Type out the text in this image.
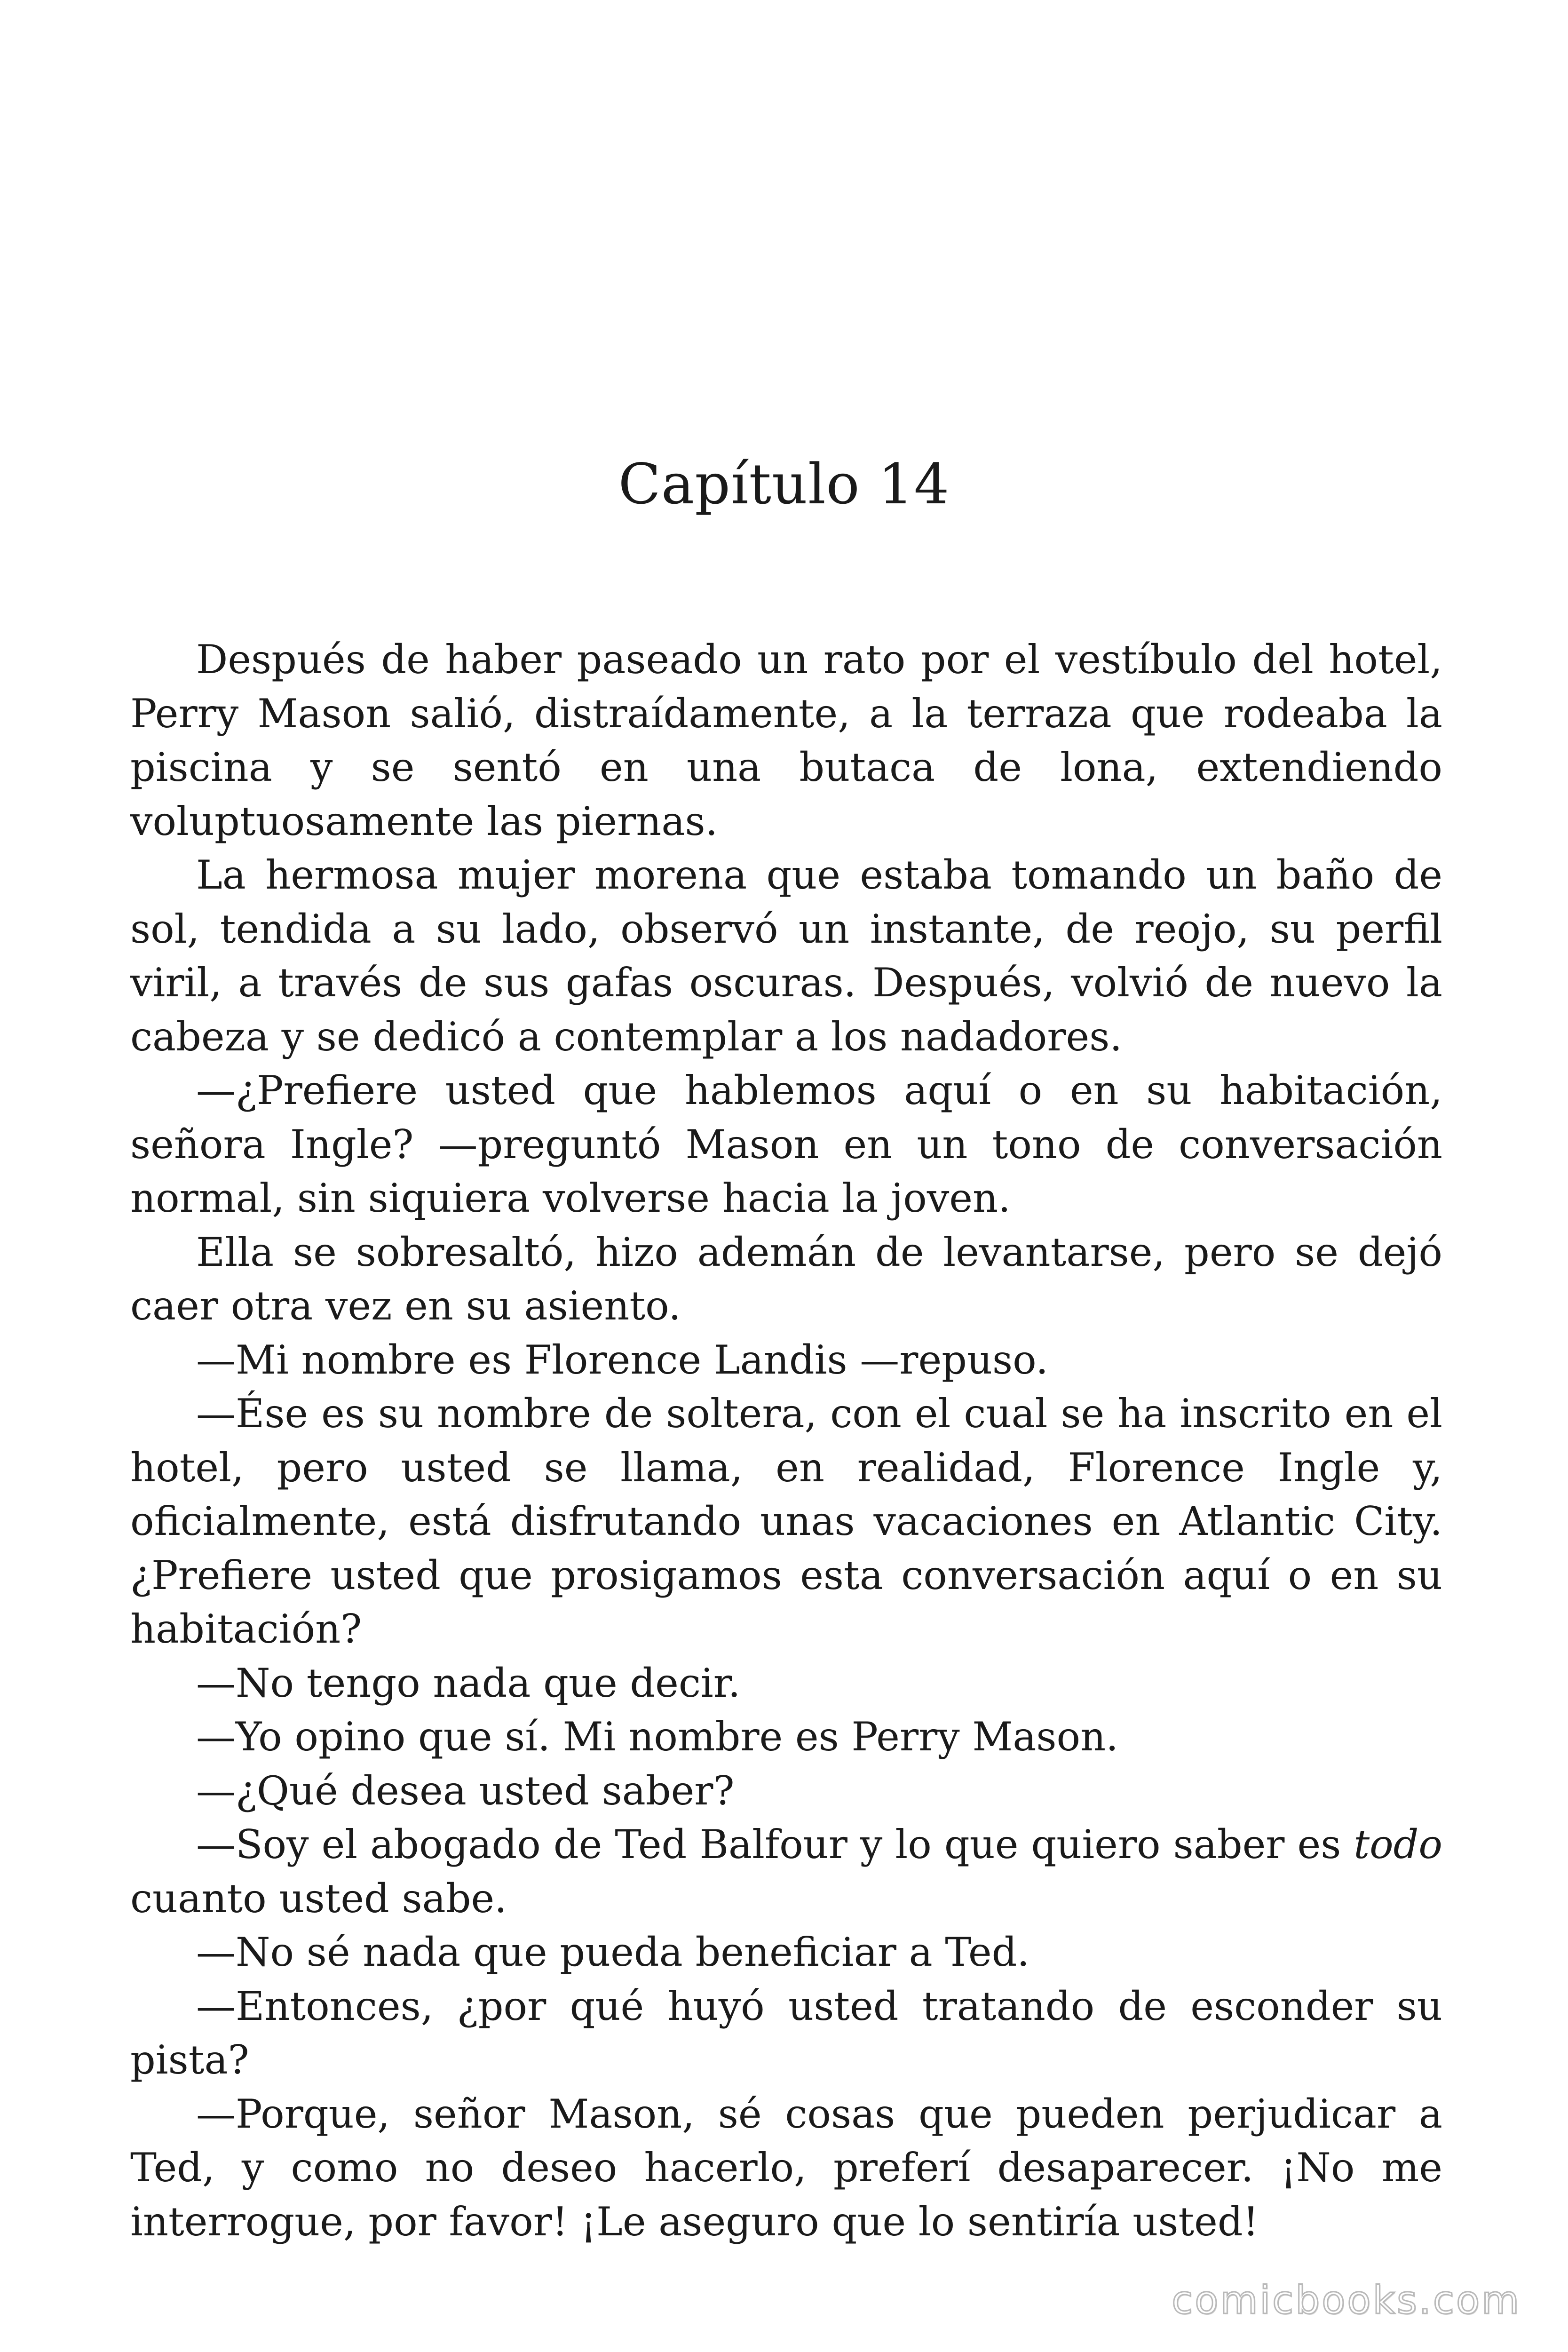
Capítulo 14

Después de haber paseado un rato por el vestíbulo del hotel, Perry Mason salió, distraídamente, a la terraza que rodeaba la piscina y se sentó en una butaca de lona, extendiendo voluptuosamente las piernas.

La hermosa mujer morena que estaba tomando un baño de sol, tendida a su lado, observó un instante, de reojo, su perfil viril, a través de sus gafas oscuras. Después, volvió de nuevo la cabeza y se dedicó a contemplar a los nadadores.

—¿Prefiere usted que hablemos aquí o en su habitación, señora Ingle? —preguntó Mason en un tono de conversación normal, sin siquiera volverse hacia la joven.

Ella se sobresaltó, hizo ademán de levantarse, pero se dejó caer otra vez en su asiento.

—Mi nombre es Florence Landis —repuso.

—Ése es su nombre de soltera, con el cual se ha inscrito en el hotel, pero usted se llama, en realidad, Florence Ingle y, oficialmente, está disfrutando unas vacaciones en Atlantic City. ¿Prefiere usted que prosigamos esta conversación aquí o en su habitación?

—No tengo nada que decir.

—Yo opino que sí. Mi nombre es Perry Mason.

—¿Qué desea usted saber?

—Soy el abogado de Ted Balfour y lo que quiero saber es todo cuanto usted sabe.

—No sé nada que pueda beneficiar a Ted.

—Entonces, ¿por qué huyó usted tratando de esconder su pista?

—Porque, señor Mason, sé cosas que pueden perjudicar a Ted, y como no deseo hacerlo, preferí desaparecer. ¡No me interrogue, por favor! ¡Le aseguro que lo sentiría usted!

comicbooks.com
